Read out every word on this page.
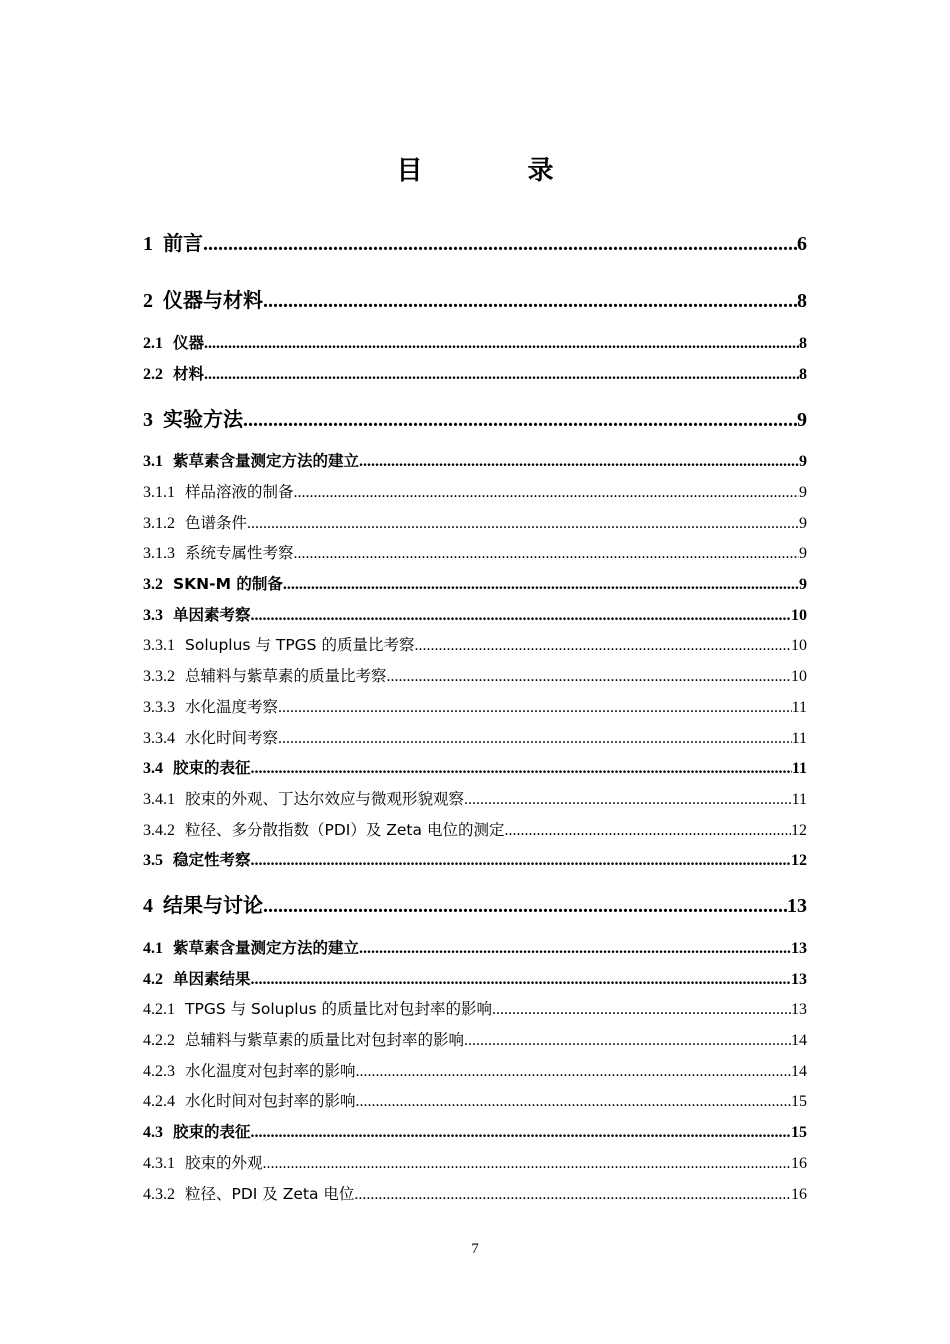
目 录
1 前言 .....	6
2 仪器与材料 .....	8
2.1 仪器 .....	8
2.2 材料 .....	8
3 实验方法 .....	9
3.1 紫草素含量测定方法的建立 .....	9
3.1.1 样品溶液的制备 .....	9
3.1.2 色谱条件 .....	9
3.1.3 系统专属性考察 .....	9
3.2 SKN-M 的制备 .....	9
3.3 单因素考察 .....	10
3.3.1 Soluplus 与 TPGS 的质量比考察 .....	10
3.3.2 总辅料与紫草素的质量比考察 .....	10
3.3.3 水化温度考察 .....	11
3.3.4 水化时间考察 .....	11
3.4 胶束的表征 .....	11
3.4.1 胶束的外观、丁达尔效应与微观形貌观察 .....	11
3.4.2 粒径、多分散指数（PDI）及 Zeta 电位的测定 .....	12
3.5 稳定性考察 .....	12
4 结果与讨论 .....	13
4.1 紫草素含量测定方法的建立 .....	13
4.2 单因素结果 .....	13
4.2.1 TPGS 与 Soluplus 的质量比对包封率的影响 .....	13
4.2.2 总辅料与紫草素的质量比对包封率的影响 .....	14
4.2.3 水化温度对包封率的影响 .....	14
4.2.4 水化时间对包封率的影响 .....	15
4.3 胶束的表征 .....	15
4.3.1 胶束的外观 .....	16
4.3.2 粒径、PDI 及 Zeta 电位 .....	16
7
